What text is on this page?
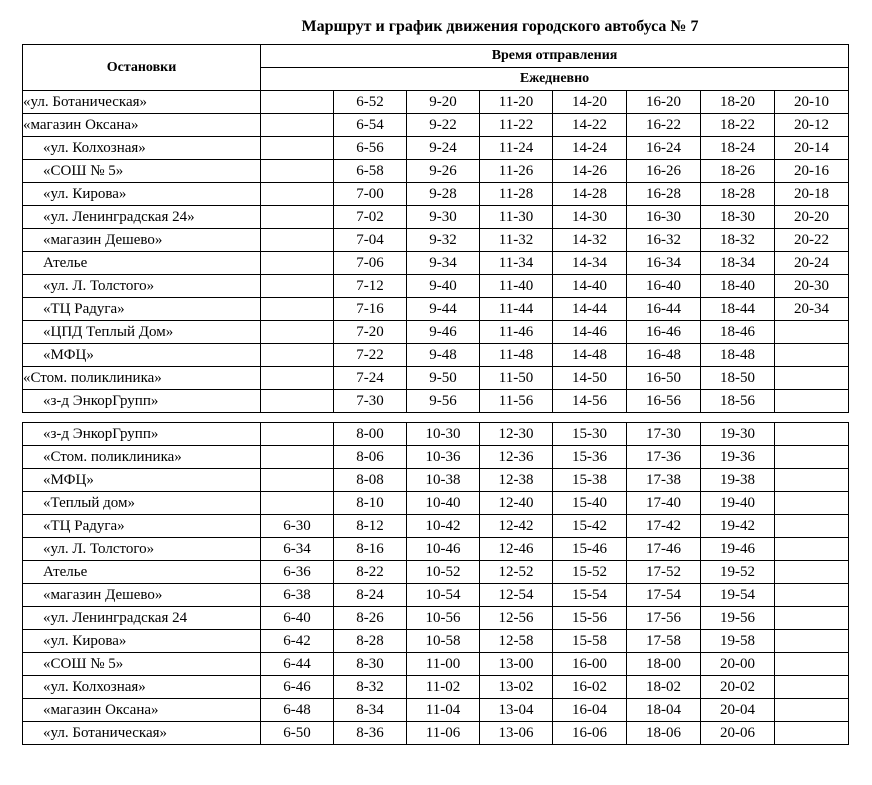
Маршрут и график движения городского автобуса № 7
Остановки	Время отправления							
	Ежедневно							
«ул. Ботаническая»		6-52	9-20	11-20	14-20	16-20	18-20	20-10
«магазин Оксана»		6-54	9-22	11-22	14-22	16-22	18-22	20-12
«ул. Колхозная»		6-56	9-24	11-24	14-24	16-24	18-24	20-14
«СОШ № 5»		6-58	9-26	11-26	14-26	16-26	18-26	20-16
«ул. Кирова»		7-00	9-28	11-28	14-28	16-28	18-28	20-18
«ул. Ленинградская 24»		7-02	9-30	11-30	14-30	16-30	18-30	20-20
«магазин Дешево»		7-04	9-32	11-32	14-32	16-32	18-32	20-22
Ателье		7-06	9-34	11-34	14-34	16-34	18-34	20-24
«ул. Л. Толстого»		7-12	9-40	11-40	14-40	16-40	18-40	20-30
«ТЦ Радуга»		7-16	9-44	11-44	14-44	16-44	18-44	20-34
«ЦПД Теплый Дом»		7-20	9-46	11-46	14-46	16-46	18-46	
«МФЦ»		7-22	9-48	11-48	14-48	16-48	18-48	
«Стом. поликлиника»		7-24	9-50	11-50	14-50	16-50	18-50	
«з-д ЭнкорГрупп»		7-30	9-56	11-56	14-56	16-56	18-56	

«з-д ЭнкорГрупп»		8-00	10-30	12-30	15-30	17-30	19-30	
«Стом. поликлиника»		8-06	10-36	12-36	15-36	17-36	19-36	
«МФЦ»		8-08	10-38	12-38	15-38	17-38	19-38	
«Теплый дом»		8-10	10-40	12-40	15-40	17-40	19-40	
«ТЦ Радуга»	6-30	8-12	10-42	12-42	15-42	17-42	19-42	
«ул. Л. Толстого»	6-34	8-16	10-46	12-46	15-46	17-46	19-46	
Ателье	6-36	8-22	10-52	12-52	15-52	17-52	19-52	
«магазин Дешево»	6-38	8-24	10-54	12-54	15-54	17-54	19-54	
«ул. Ленинградская 24	6-40	8-26	10-56	12-56	15-56	17-56	19-56	
«ул. Кирова»	6-42	8-28	10-58	12-58	15-58	17-58	19-58	
«СОШ № 5»	6-44	8-30	11-00	13-00	16-00	18-00	20-00	
«ул. Колхозная»	6-46	8-32	11-02	13-02	16-02	18-02	20-02	
«магазин Оксана»	6-48	8-34	11-04	13-04	16-04	18-04	20-04	
«ул. Ботаническая»	6-50	8-36	11-06	13-06	16-06	18-06	20-06	
